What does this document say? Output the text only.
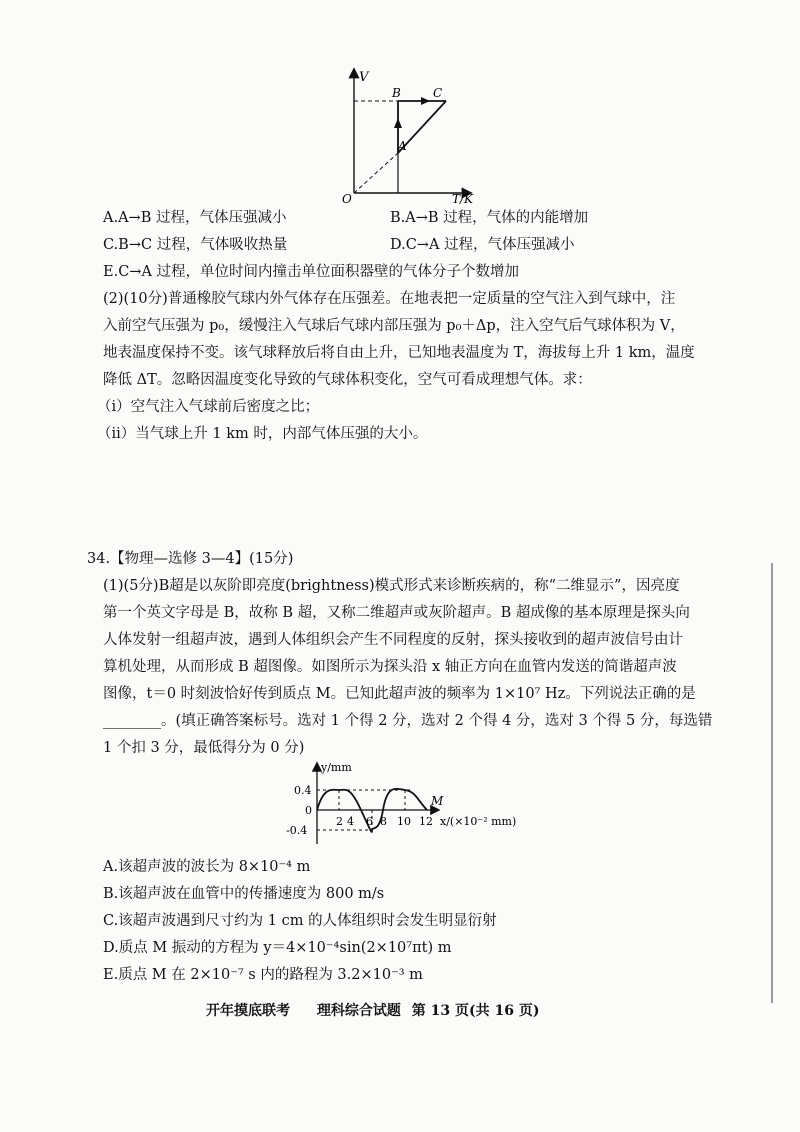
V
T/K
O
A
B	C
A.A→B 过程，气体压强减小	B.A→B 过程，气体的内能增加
C.B→C 过程，气体吸收热量	D.C→A 过程，气体压强减小
E.C→A 过程，单位时间内撞击单位面积器壁的气体分子个数增加
(2)(10分)普通橡胶气球内外气体存在压强差。在地表把一定质量的空气注入到气球中，注
入前空气压强为 p₀，缓慢注入气球后气球内部压强为 p₀＋Δp，注入空气后气球体积为 V，
地表温度保持不变。该气球释放后将自由上升，已知地表温度为 T，海拔每上升 1 km，温度
降低 ΔT。忽略因温度变化导致的气球体积变化，空气可看成理想气体。求：
（ⅰ）空气注入气球前后密度之比；
（ⅱ）当气球上升 1 km 时，内部气体压强的大小。
34.【物理—选修 3—4】(15分)
(1)(5分)B超是以灰阶即亮度(brightness)模式形式来诊断疾病的，称“二维显示”，因亮度
第一个英文字母是 B，故称 B 超，又称二维超声或灰阶超声。B 超成像的基本原理是探头向
人体发射一组超声波，遇到人体组织会产生不同程度的反射，探头接收到的超声波信号由计
算机处理，从而形成 B 超图像。如图所示为探头沿 x 轴正方向在血管内发送的简谐超声波
图像，t＝0 时刻波恰好传到质点 M。已知此超声波的频率为 1×10⁷ Hz。下列说法正确的是
________。(填正确答案标号。选对 1 个得 2 分，选对 2 个得 4 分，选对 3 个得 5 分，每选错
1 个扣 3 分，最低得分为 0 分)
y/mm
0.4
0
-0.4
2 4 6 8 10 12 x/(×10⁻² mm)
M
A.该超声波的波长为 8×10⁻⁴ m
B.该超声波在血管中的传播速度为 800 m/s
C.该超声波遇到尺寸约为 1 cm 的人体组织时会发生明显衍射
D.质点 M 振动的方程为 y＝4×10⁻⁴sin(2×10⁷πt) m
E.质点 M 在 2×10⁻⁷ s 内的路程为 3.2×10⁻³ m
开年摸底联考 理科综合试题 第 13 页(共 16 页)
